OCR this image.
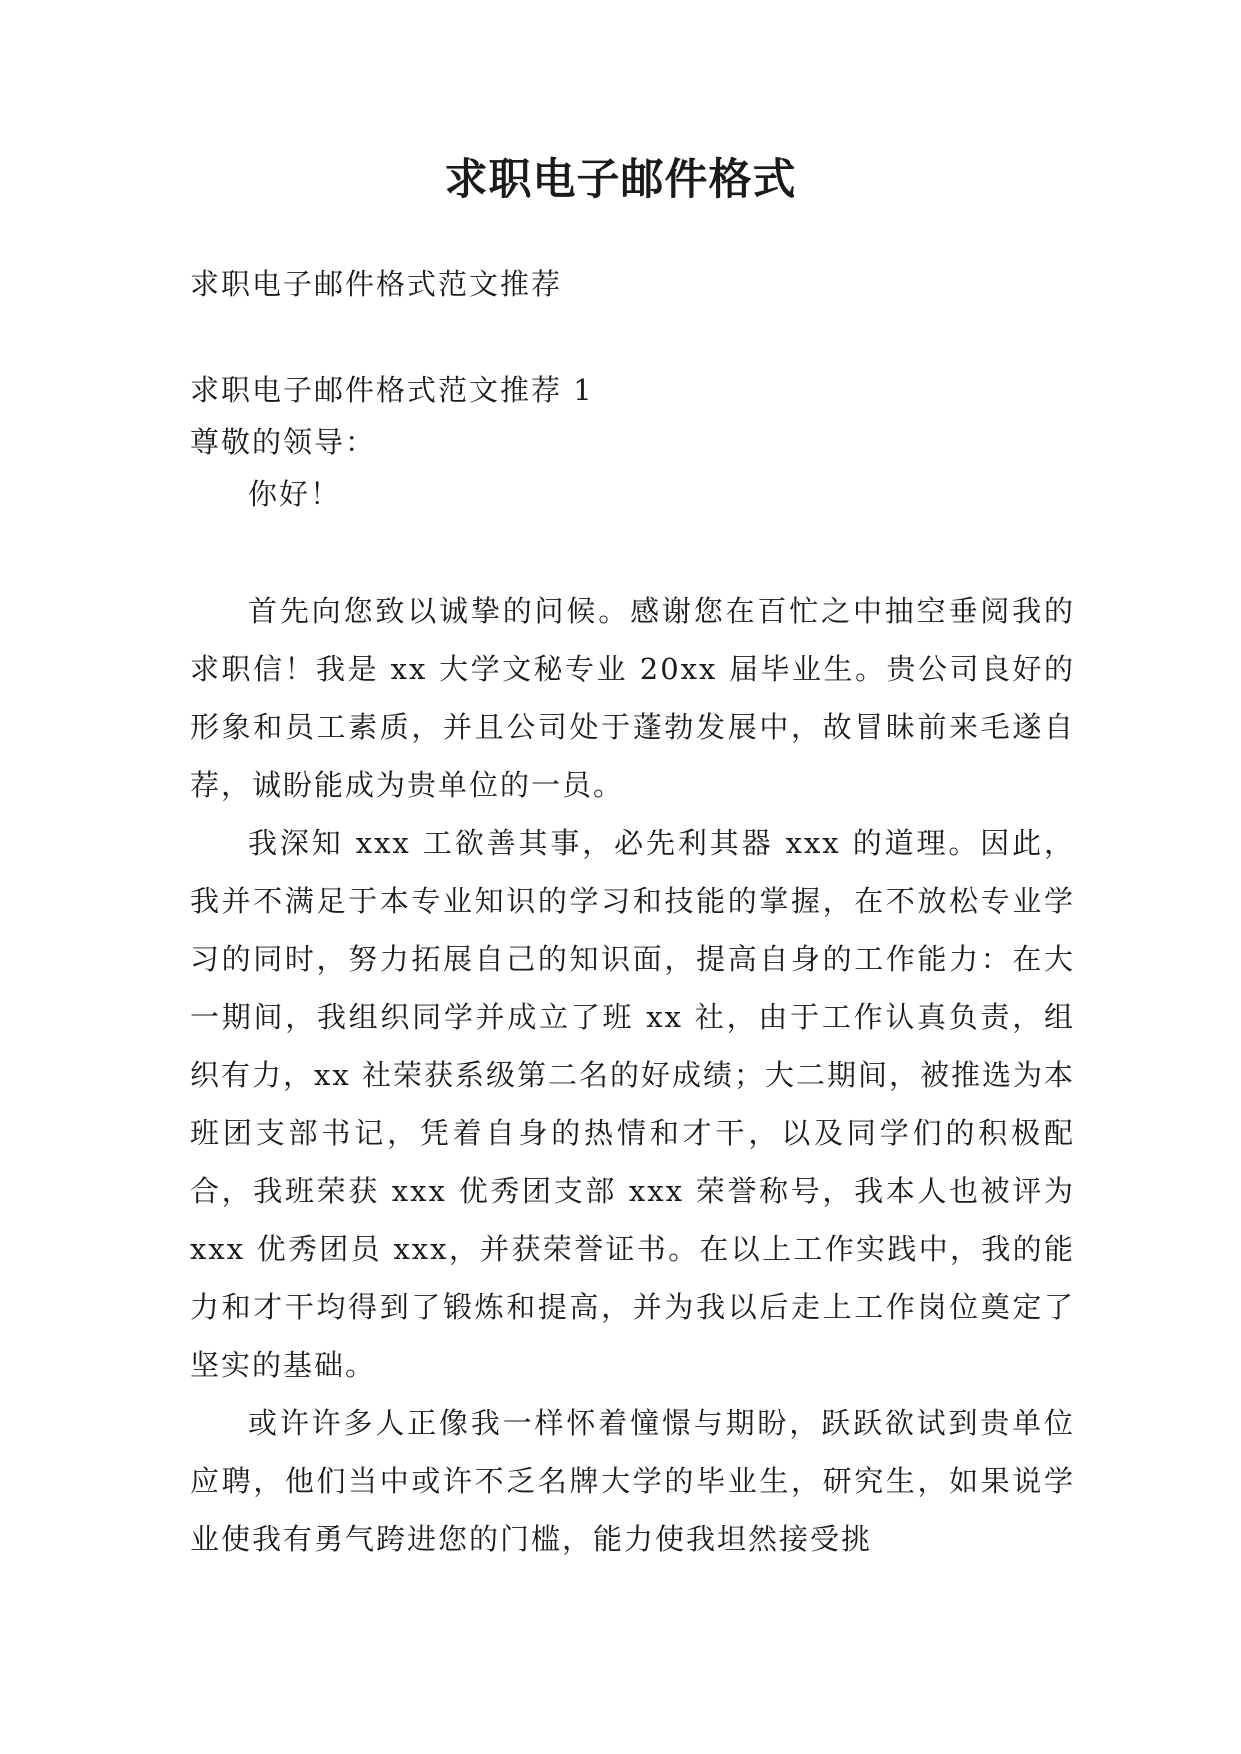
求职电子邮件格式
求职电子邮件格式范文推荐
求职电子邮件格式范文推荐 1
尊敬的领导：
你好！

首先向您致以诚挚的问候。感谢您在百忙之中抽空垂阅我的求职信！我是 xx 大学文秘专业 20xx 届毕业生。贵公司良好的形象和员工素质，并且公司处于蓬勃发展中，故冒昧前来毛遂自荐，诚盼能成为贵单位的一员。

我深知 xxx 工欲善其事，必先利其器 xxx 的道理。因此，我并不满足于本专业知识的学习和技能的掌握，在不放松专业学习的同时，努力拓展自己的知识面，提高自身的工作能力：在大一期间，我组织同学并成立了班 xx 社，由于工作认真负责，组织有力，xx 社荣获系级第二名的好成绩；大二期间，被推选为本班团支部书记，凭着自身的热情和才干，以及同学们的积极配合，我班荣获 xxx 优秀团支部 xxx 荣誉称号，我本人也被评为 xxx 优秀团员 xxx，并获荣誉证书。在以上工作实践中，我的能力和才干均得到了锻炼和提高，并为我以后走上工作岗位奠定了坚实的基础。

或许许多人正像我一样怀着憧憬与期盼，跃跃欲试到贵单位应聘，他们当中或许不乏名牌大学的毕业生，研究生，如果说学业使我有勇气跨进您的门槛，能力使我坦然接受挑
